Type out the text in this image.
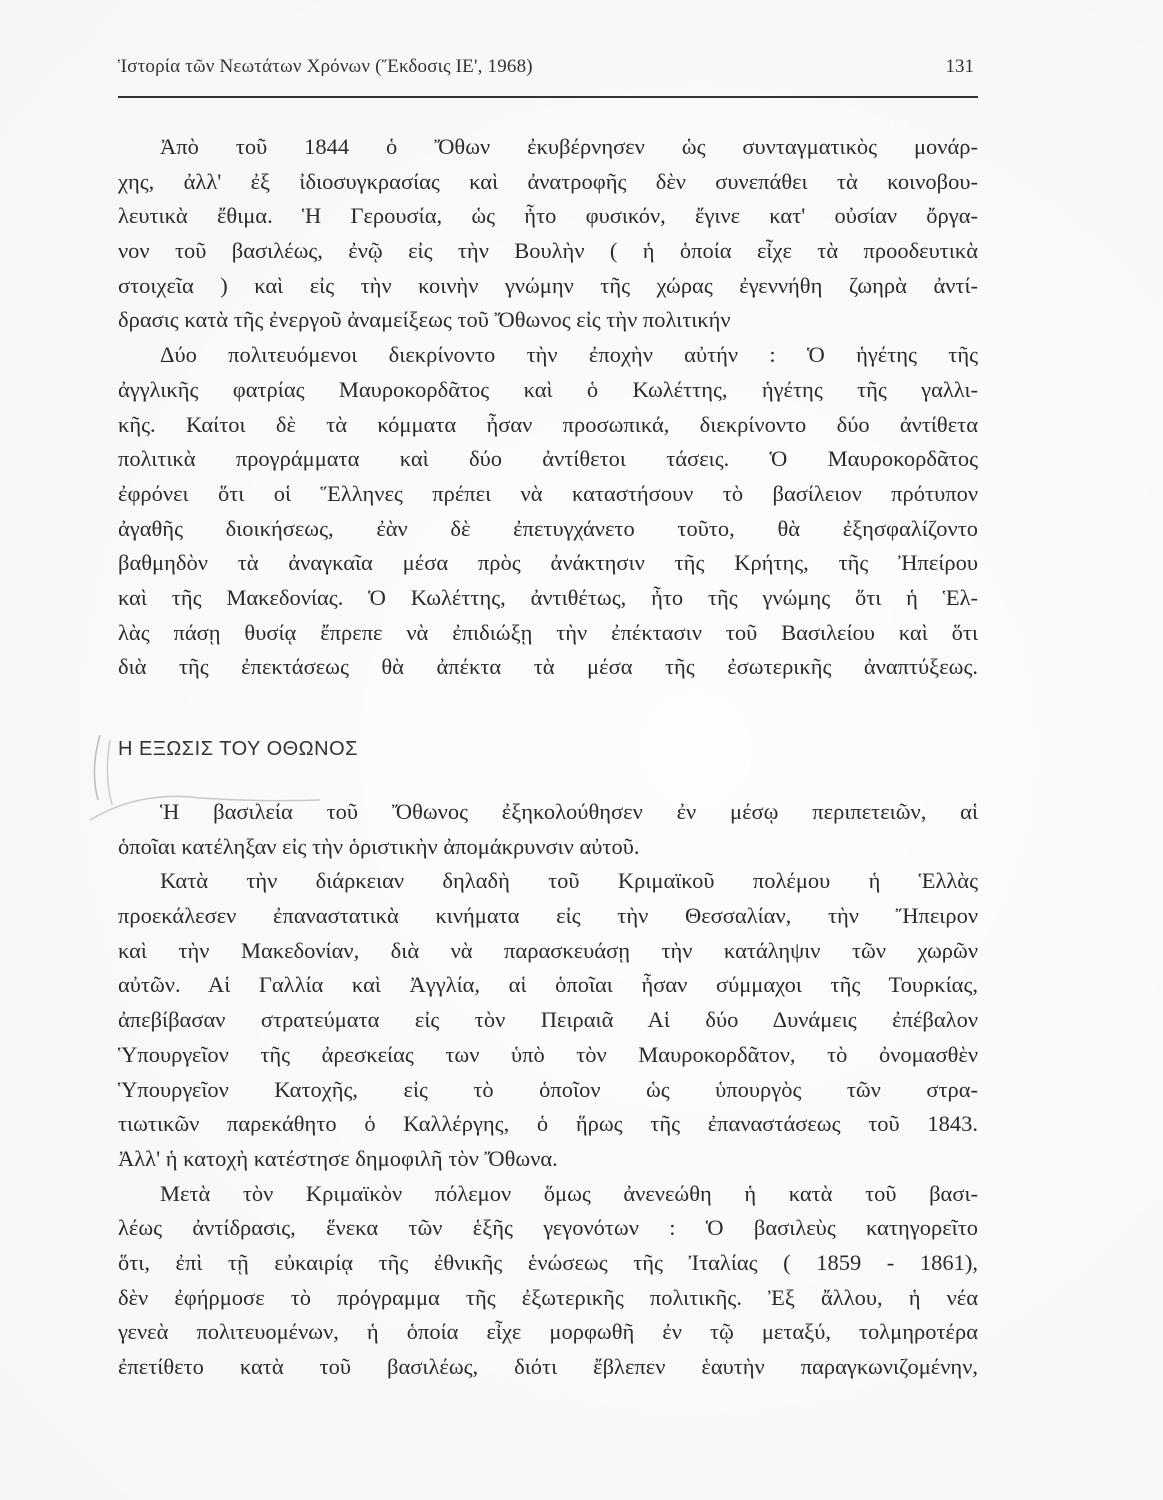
Ἱστορία τῶν Νεωτάτων Χρόνων (Ἔκδοσις ΙΕ', 1968)	131
Ἀπὸ τοῦ 1844 ὁ Ὄθων ἐκυβέρνησεν ὡς συνταγματικὸς μονάρ-
χης, ἀλλ' ἐξ ἰδιοσυγκρασίας καὶ ἀνατροφῆς δὲν συνεπάθει τὰ κοινοβου-
λευτικὰ ἔθιμα. Ἡ Γερουσία, ὡς ἦτο φυσικόν, ἔγινε κατ' οὐσίαν ὄργα-
νον τοῦ βασιλέως, ἐνῷ εἰς τὴν Βουλὴν ( ἡ ὁποία εἶχε τὰ προοδευτικὰ
στοιχεῖα ) καὶ εἰς τὴν κοινὴν γνώμην τῆς χώρας ἐγεννήθη ζωηρὰ ἀντί-
δρασις κατὰ τῆς ἐνεργοῦ ἀναμείξεως τοῦ Ὄθωνος εἰς τὴν πολιτικήν
Δύο πολιτευόμενοι διεκρίνοντο τὴν ἐποχὴν αὐτήν : Ὁ ἡγέτης τῆς
ἀγγλικῆς φατρίας Μαυροκορδᾶτος καὶ ὁ Κωλέττης, ἡγέτης τῆς γαλλι-
κῆς. Καίτοι δὲ τὰ κόμματα ἦσαν προσωπικά, διεκρίνοντο δύο ἀντίθετα
πολιτικὰ προγράμματα καὶ δύο ἀντίθετοι τάσεις. Ὁ Μαυροκορδᾶτος
ἐφρόνει ὅτι οἱ Ἕλληνες πρέπει νὰ καταστήσουν τὸ βασίλειον πρότυπον
ἀγαθῆς διοικήσεως, ἐὰν δὲ ἐπετυγχάνετο τοῦτο, θὰ ἐξησφαλίζοντο
βαθμηδὸν τὰ ἀναγκαῖα μέσα πρὸς ἀνάκτησιν τῆς Κρήτης, τῆς Ἠπείρου
καὶ τῆς Μακεδονίας. Ὁ Κωλέττης, ἀντιθέτως, ἦτο τῆς γνώμης ὅτι ἡ Ἑλ-
λὰς πάσῃ θυσίᾳ ἔπρεπε νὰ ἐπιδιώξῃ τὴν ἐπέκτασιν τοῦ Βασιλείου καὶ ὅτι
διὰ τῆς ἐπεκτάσεως θὰ ἀπέκτα τὰ μέσα τῆς ἐσωτερικῆς ἀναπτύξεως.
Η ΕΞΩΣΙΣ ΤΟΥ ΟΘΩΝΟΣ
Ἡ βασιλεία τοῦ Ὄθωνος ἐξηκολούθησεν ἐν μέσῳ περιπετειῶν, αἱ
ὁποῖαι κατέληξαν εἰς τὴν ὁριστικὴν ἀπομάκρυνσιν αὐτοῦ.
Κατὰ τὴν διάρκειαν δηλαδὴ τοῦ Κριμαϊκοῦ πολέμου ἡ Ἑλλὰς
προεκάλεσεν ἐπαναστατικὰ κινήματα εἰς τὴν Θεσσαλίαν, τὴν Ἤπειρον
καὶ τὴν Μακεδονίαν, διὰ νὰ παρασκευάσῃ τὴν κατάληψιν τῶν χωρῶν
αὐτῶν. Αἱ Γαλλία καὶ Ἀγγλία, αἱ ὁποῖαι ἦσαν σύμμαχοι τῆς Τουρκίας,
ἀπεβίβασαν στρατεύματα εἰς τὸν Πειραιᾶ Αἱ δύο Δυνάμεις ἐπέβαλον
Ὑπουργεῖον τῆς ἀρεσκείας των ὑπὸ τὸν Μαυροκορδᾶτον, τὸ ὀνομασθὲν
Ὑπουργεῖον Κατοχῆς, εἰς τὸ ὁποῖον ὡς ὑπουργὸς τῶν στρα-
τιωτικῶν παρεκάθητο ὁ Καλλέργης, ὁ ἥρως τῆς ἐπαναστάσεως τοῦ 1843.
Ἀλλ' ἡ κατοχὴ κατέστησε δημοφιλῆ τὸν Ὄθωνα.
Μετὰ τὸν Κριμαϊκὸν πόλεμον ὅμως ἀνενεώθη ἡ κατὰ τοῦ βασι-
λέως ἀντίδρασις, ἕνεκα τῶν ἑξῆς γεγονότων : Ὁ βασιλεὺς κατηγορεῖτο
ὅτι, ἐπὶ τῇ εὐκαιρίᾳ τῆς ἐθνικῆς ἑνώσεως τῆς Ἰταλίας ( 1859 - 1861),
δὲν ἐφήρμοσε τὸ πρόγραμμα τῆς ἐξωτερικῆς πολιτικῆς. Ἐξ ἄλλου, ἡ νέα
γενεὰ πολιτευομένων, ἡ ὁποία εἶχε μορφωθῆ ἐν τῷ μεταξύ, τολμηροτέρα
ἐπετίθετο κατὰ τοῦ βασιλέως, διότι ἔβλεπεν ἑαυτὴν παραγκωνιζομένην,
